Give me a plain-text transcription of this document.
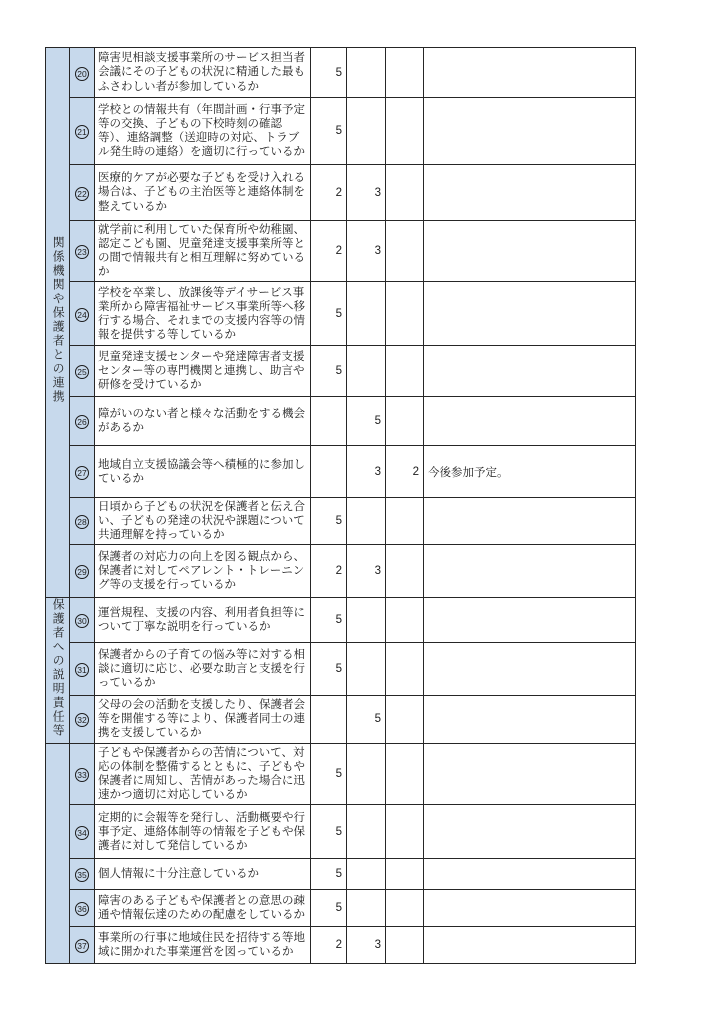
関係機関や保護者との連携	20	障害児相談支援事業所のサービス担当者会議にその子どもの状況に精通した最もふさわしい者が参加しているか	5			
	21	学校との情報共有（年間計画・行事予定等の交換、子どもの下校時刻の確認等）、連絡調整（送迎時の対応、トラブル発生時の連絡）を適切に行っているか	5			
	22	医療的ケアが必要な子どもを受け入れる場合は、子どもの主治医等と連絡体制を整えているか	2	3		
	23	就学前に利用していた保育所や幼稚園、認定こども園、児童発達支援事業所等との間で情報共有と相互理解に努めているか	2	3		
	24	学校を卒業し、放課後等デイサービス事業所から障害福祉サービス事業所等へ移行する場合、それまでの支援内容等の情報を提供する等しているか	5			
	25	児童発達支援センターや発達障害者支援センター等の専門機関と連携し、助言や研修を受けているか	5			
	26	障がいのない者と様々な活動をする機会があるか		5		
	27	地域自立支援協議会等へ積極的に参加しているか		3	2	今後参加予定。
	28	日頃から子どもの状況を保護者と伝え合い、子どもの発達の状況や課題について共通理解を持っているか	5			
	29	保護者の対応力の向上を図る観点から、保護者に対してペアレント・トレーニング等の支援を行っているか	2	3		
保護者への説明責任等	30	運営規程、支援の内容、利用者負担等について丁寧な説明を行っているか	5			
	31	保護者からの子育ての悩み等に対する相談に適切に応じ、必要な助言と支援を行っているか	5			
	32	父母の会の活動を支援したり、保護者会等を開催する等により、保護者同士の連携を支援しているか		5		
	33	子どもや保護者からの苦情について、対応の体制を整備するとともに、子どもや保護者に周知し、苦情があった場合に迅速かつ適切に対応しているか	5			
	34	定期的に会報等を発行し、活動概要や行事予定、連絡体制等の情報を子どもや保護者に対して発信しているか	5			
	35	個人情報に十分注意しているか	5			
	36	障害のある子どもや保護者との意思の疎通や情報伝達のための配慮をしているか	5			
	37	事業所の行事に地域住民を招待する等地域に開かれた事業運営を図っているか	2	3		
